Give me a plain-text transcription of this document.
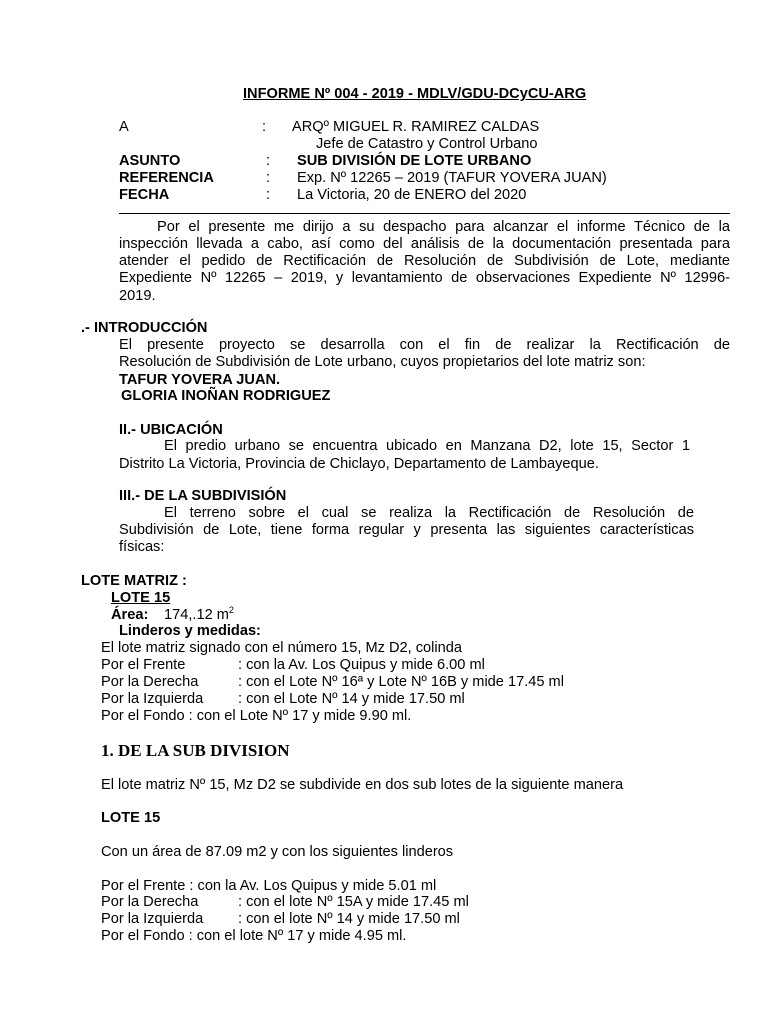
INFORME Nº 004 - 2019 - MDLV/GDU-DCyCU-ARG
A	: ARQº MIGUEL R. RAMIREZ CALDAS
Jefe de Catastro y Control Urbano
ASUNTO	: SUB DIVISIÓN DE LOTE URBANO
REFERENCIA	: Exp. Nº 12265 – 2019 (TAFUR YOVERA JUAN)
FECHA	: La Victoria, 20 de ENERO del 2020
Por el presente me dirijo a su despacho para alcanzar el informe Técnico de la
inspección llevada a cabo, así como del análisis de la documentación presentada para
atender el pedido de Rectificación de Resolución de Subdivisión de Lote, mediante
Expediente Nº 12265 – 2019, y levantamiento de observaciones Expediente Nº 12996-
2019.
.- INTRODUCCIÓN
El presente proyecto se desarrolla con el fin de realizar la Rectificación de
Resolución de Subdivisión de Lote urbano, cuyos propietarios del lote matriz son:
TAFUR YOVERA JUAN.
GLORIA INOÑAN RODRIGUEZ
II.- UBICACIÓN
El predio urbano se encuentra ubicado en Manzana D2, lote 15, Sector 1
Distrito La Victoria, Provincia de Chiclayo, Departamento de Lambayeque.
III.- DE LA SUBDIVISIÓN
El terreno sobre el cual se realiza la Rectificación de Resolución de
Subdivisión de Lote, tiene forma regular y presenta las siguientes características
físicas:
LOTE MATRIZ :
LOTE 15
Área: 174,.12 $m^2$
Linderos y medidas:
El lote matriz signado con el número 15, Mz D2, colinda
Por el Frente	: con la Av. Los Quipus y mide 6.00 ml
Por la Derecha	: con el Lote Nº 16ª y Lote Nº 16B y mide 17.45 ml
Por la Izquierda : con el Lote Nº 14 y mide 17.50 ml
Por el Fondo : con el Lote Nº 17 y mide 9.90 ml.
1. DE LA SUB DIVISION
El lote matriz Nº 15, Mz D2 se subdivide en dos sub lotes de la siguiente manera
LOTE 15
Con un área de 87.09 m2 y con los siguientes linderos
Por el Frente : con la Av. Los Quipus y mide 5.01 ml
Por la Derecha	: con el lote Nº 15A y mide 17.45 ml
Por la Izquierda : con el lote Nº 14 y mide 17.50 ml
Por el Fondo : con el lote Nº 17 y mide 4.95 ml.
